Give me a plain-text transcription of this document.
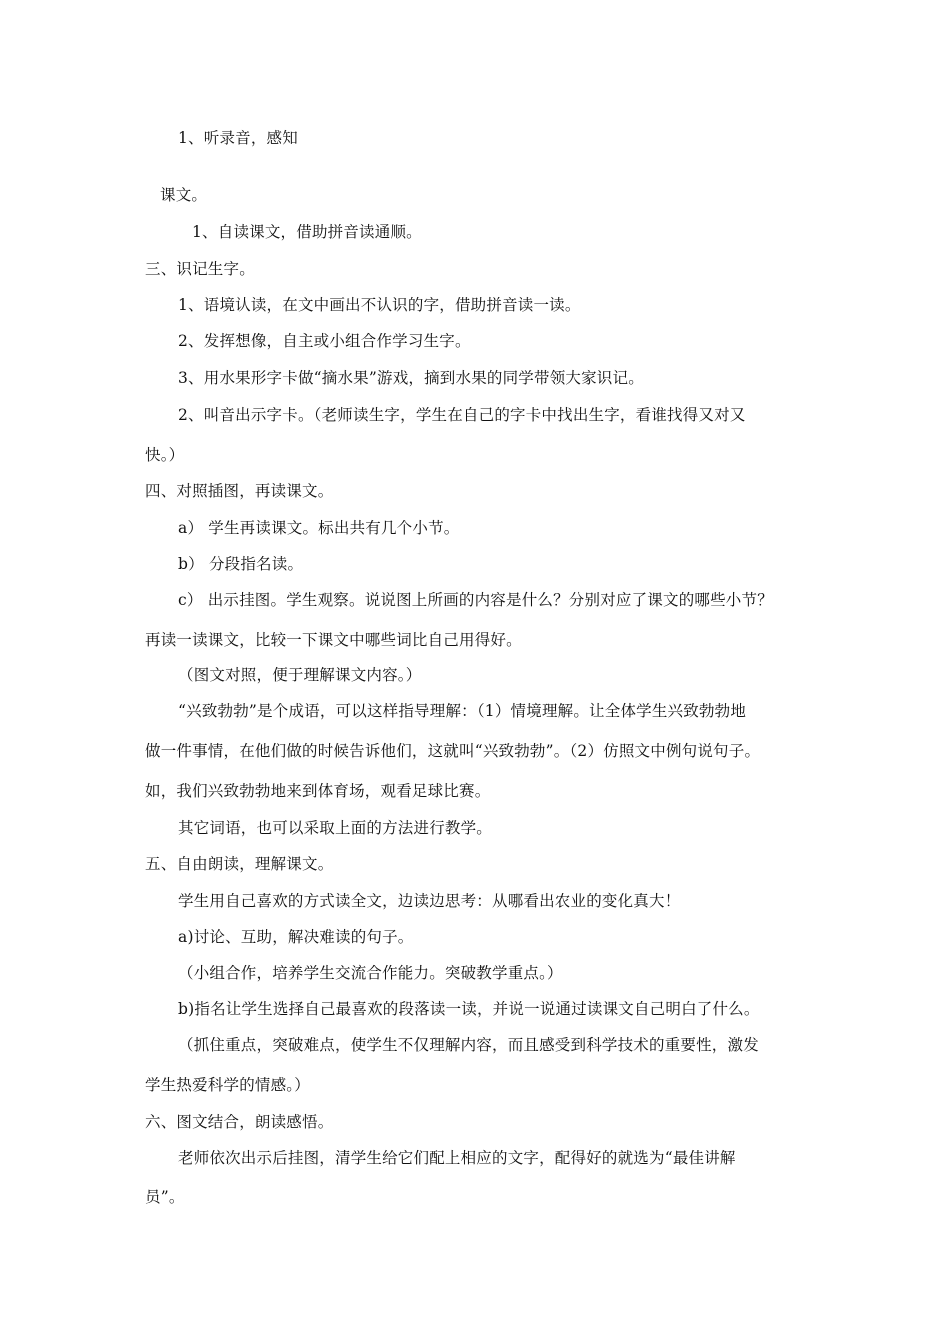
1、听录音，感知
课文。
1、自读课文，借助拼音读通顺。
三、识记生字。
1、语境认读，在文中画出不认识的字，借助拼音读一读。
2、发挥想像，自主或小组合作学习生字。
3、用水果形字卡做“摘水果”游戏，摘到水果的同学带领大家识记。
2、叫音出示字卡。（老师读生字，学生在自己的字卡中找出生字，看谁找得又对又
快。）
四、对照插图，再读课文。
a） 学生再读课文。标出共有几个小节。
b） 分段指名读。
c） 出示挂图。学生观察。说说图上所画的内容是什么？分别对应了课文的哪些小节？
再读一读课文，比较一下课文中哪些词比自己用得好。
（图文对照，便于理解课文内容。）
“兴致勃勃”是个成语，可以这样指导理解：（1）情境理解。让全体学生兴致勃勃地
做一件事情，在他们做的时候告诉他们，这就叫“兴致勃勃”。（2）仿照文中例句说句子。
如，我们兴致勃勃地来到体育场，观看足球比赛。
其它词语，也可以采取上面的方法进行教学。
五、自由朗读，理解课文。
学生用自己喜欢的方式读全文，边读边思考：从哪看出农业的变化真大！
a)讨论、互助，解决难读的句子。
（小组合作，培养学生交流合作能力。突破教学重点。）
b)指名让学生选择自己最喜欢的段落读一读，并说一说通过读课文自己明白了什么。
（抓住重点，突破难点，使学生不仅理解内容，而且感受到科学技术的重要性，激发
学生热爱科学的情感。）
六、图文结合，朗读感悟。
老师依次出示后挂图，清学生给它们配上相应的文字，配得好的就选为“最佳讲解
员”。
